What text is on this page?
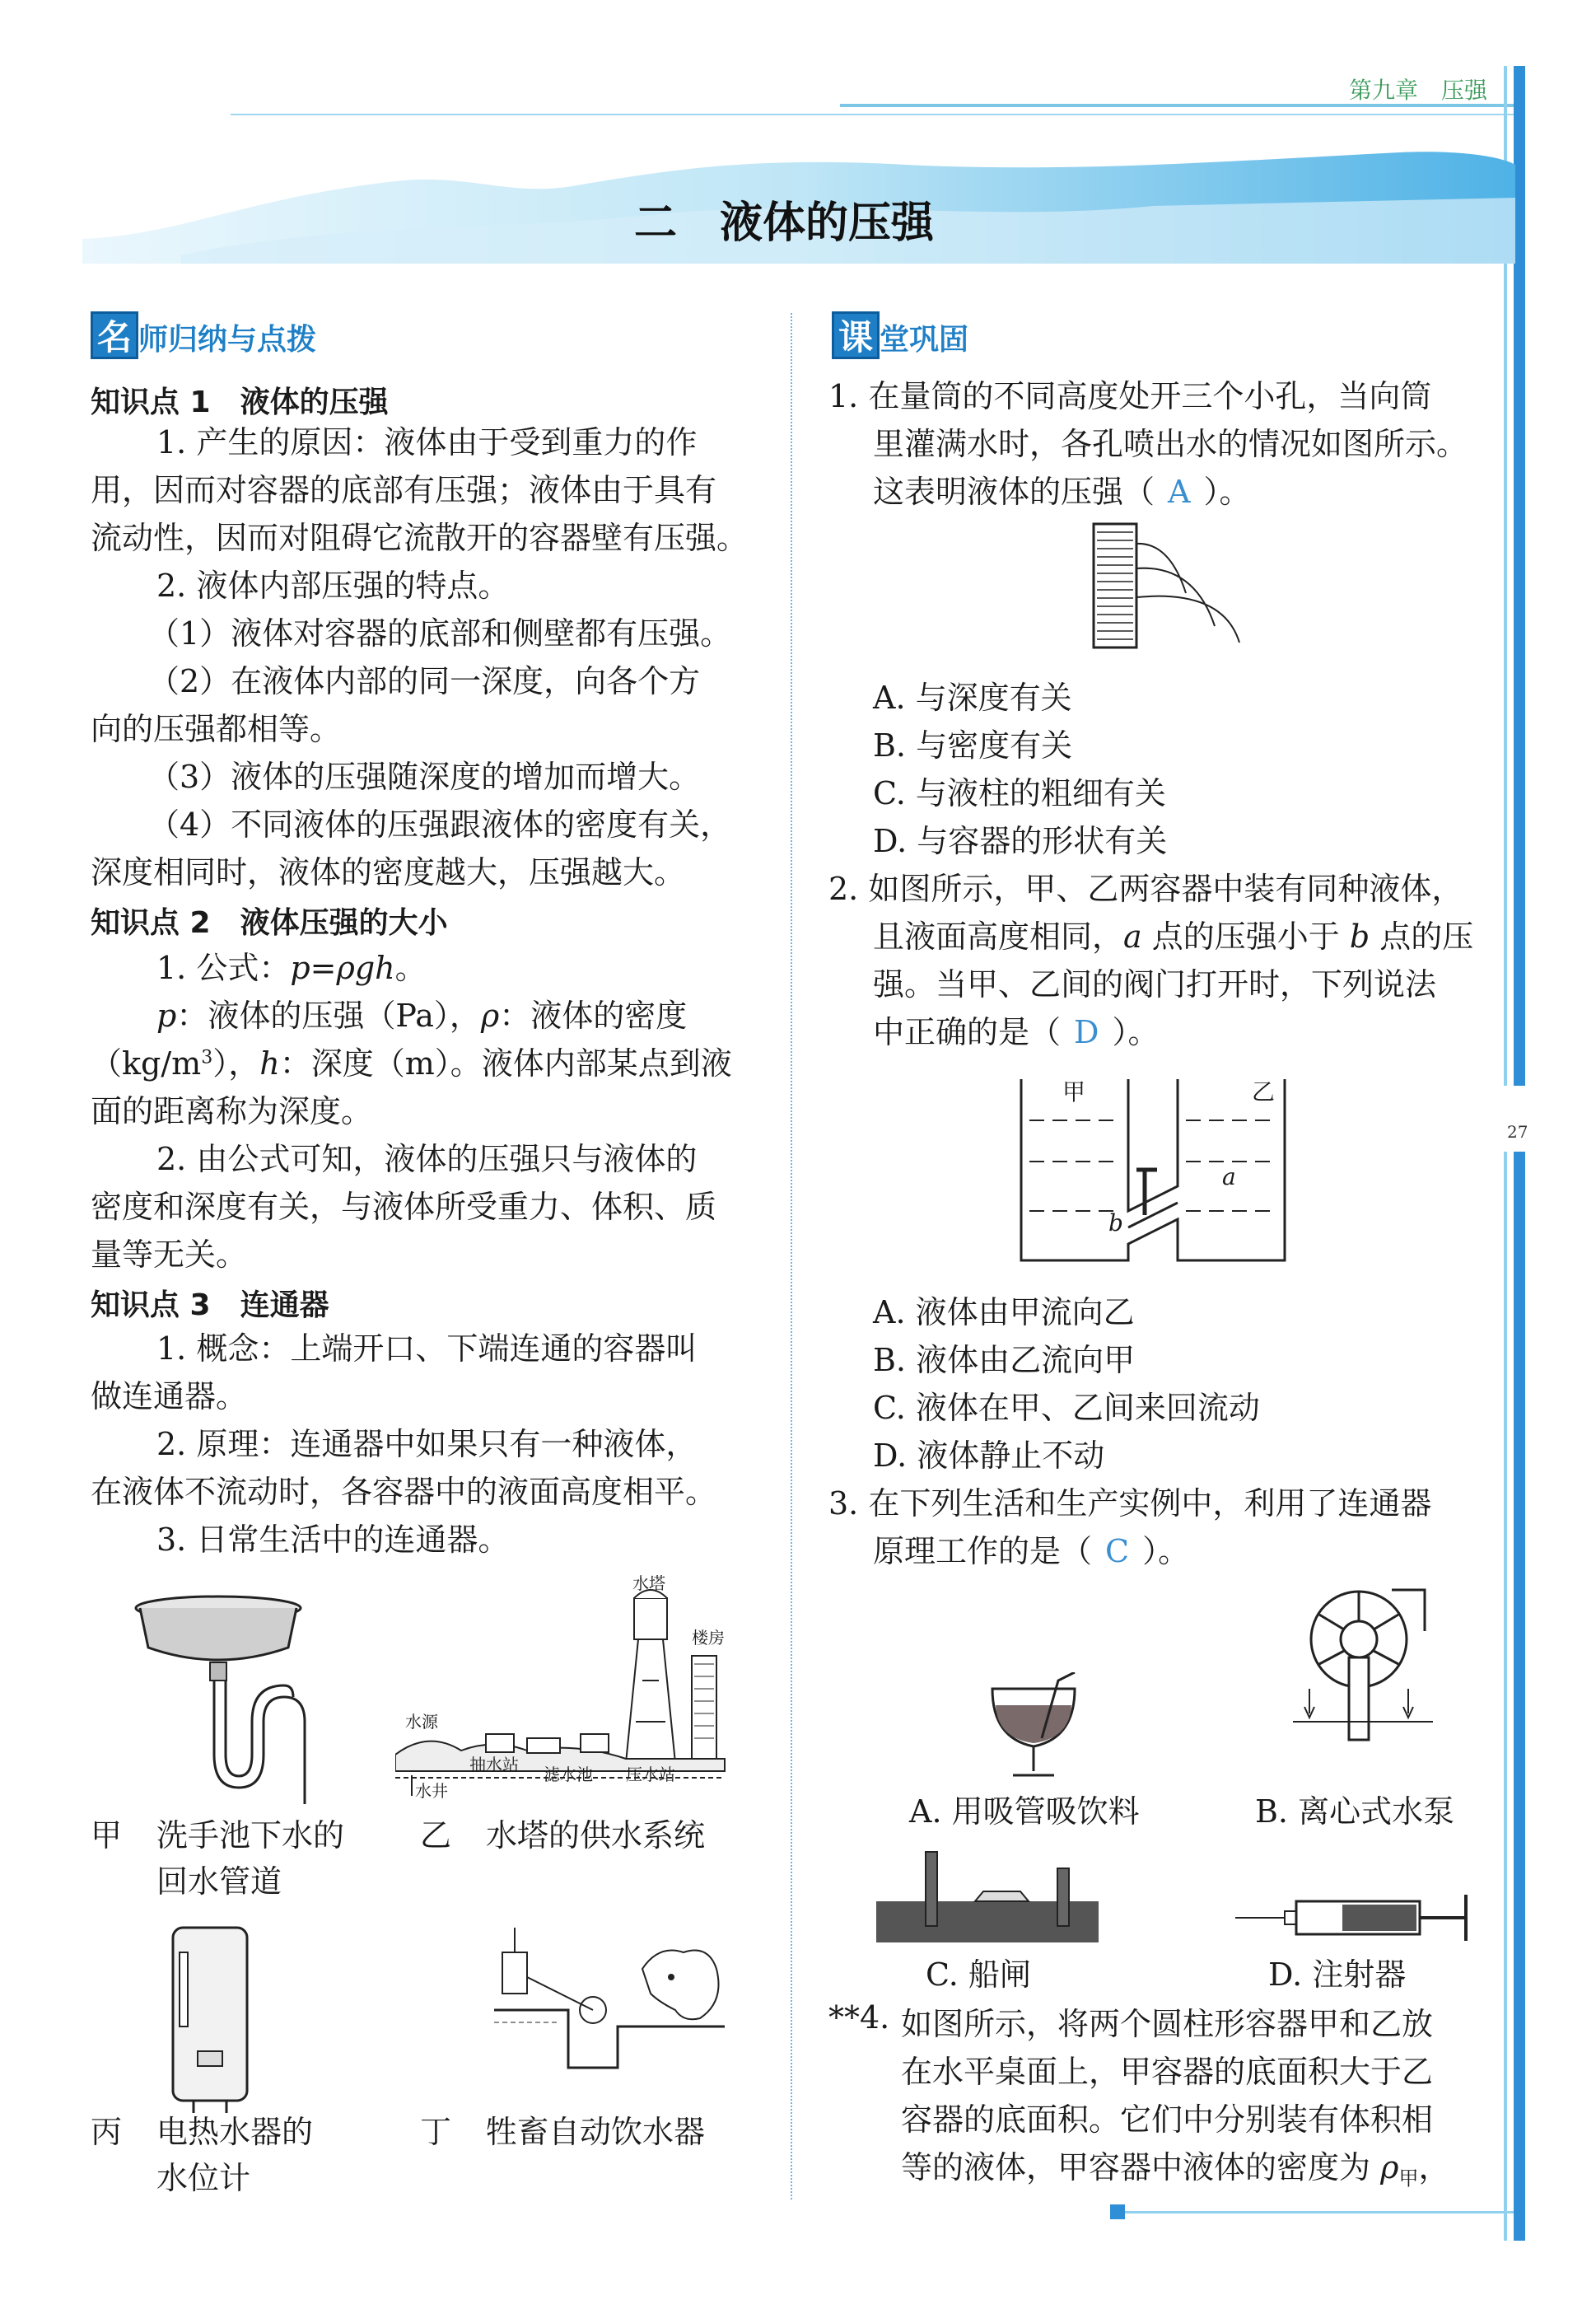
第九章　压强
27
二　液体的压强
名 师归纳与点拨
知识点 1　液体的压强
1. 产生的原因：液体由于受到重力的作
用，因而对容器的底部有压强；液体由于具有
流动性，因而对阻碍它流散开的容器壁有压强。
2. 液体内部压强的特点。
（1）液体对容器的底部和侧壁都有压强。
（2）在液体内部的同一深度，向各个方
向的压强都相等。
（3）液体的压强随深度的增加而增大。
（4）不同液体的压强跟液体的密度有关，
深度相同时，液体的密度越大，压强越大。
知识点 2　液体压强的大小
1. 公式：p=ρgh。
p：液体的压强（Pa），ρ：液体的密度
$(kg/m^3)$，h：深度（m）。液体内部某点到液
面的距离称为深度。
2. 由公式可知，液体的压强只与液体的
密度和深度有关，与液体所受重力、体积、质
量等无关。
知识点 3　连通器
1. 概念：上端开口、下端连通的容器叫
做连通器。
2. 原理：连通器中如果只有一种液体，
在液体不流动时，各容器中的液面高度相平。
3. 日常生活中的连通器。
水塔
楼房
水源
抽水站 滤水池 压水站
水井
甲 洗手池下水的
回水管道
乙 水塔的供水系统
丙 电热水器的
水位计
丁 牲畜自动饮水器
课 堂巩固
1. 在量筒的不同高度处开三个小孔，当向筒
里灌满水时，各孔喷出水的情况如图所示。
这表明液体的压强（ A ）。
A. 与深度有关
B. 与密度有关
C. 与液柱的粗细有关
D. 与容器的形状有关
2. 如图所示，甲、乙两容器中装有同种液体，
且液面高度相同，a 点的压强小于 b 点的压
强。当甲、乙间的阀门打开时，下列说法
中正确的是（ D ）。
甲	乙
a
b
A. 液体由甲流向乙
B. 液体由乙流向甲
C. 液体在甲、乙间来回流动
D. 液体静止不动
3. 在下列生活和生产实例中，利用了连通器
原理工作的是（ C ）。
A. 用吸管吸饮料	B. 离心式水泵
C. 船闸	D. 注射器
**4. 如图所示，将两个圆柱形容器甲和乙放
在水平桌面上，甲容器的底面积大于乙
容器的底面积。它们中分别装有体积相
等的液体，甲容器中液体的密度为 $\rho_甲$，
